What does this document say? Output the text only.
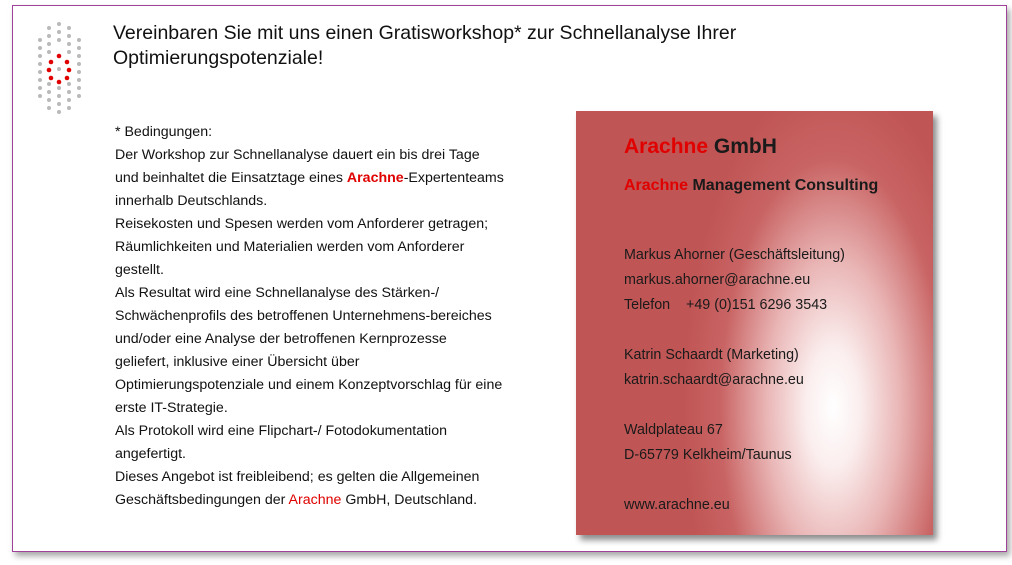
Vereinbaren Sie mit uns einen Gratisworkshop* zur Schnellanalyse Ihrer
Optimierungspotenziale!

* Bedingungen:

Der Workshop zur Schnellanalyse dauert ein bis drei Tage und beinhaltet die Einsatztage eines Arachne-Expertenteams innerhalb Deutschlands.

Reisekosten und Spesen werden vom Anforderer getragen; Räumlichkeiten und Materialien werden vom Anforderer gestellt.

Als Resultat wird eine Schnellanalyse des Stärken-/ Schwächenprofils des betroffenen Unternehmens-bereiches und/oder eine Analyse der betroffenen Kernprozesse geliefert, inklusive einer Übersicht über Optimierungspotenziale und einem Konzeptvorschlag für eine erste IT-Strategie.

Als Protokoll wird eine Flipchart-/ Fotodokumentation angefertigt.

Dieses Angebot ist freibleibend; es gelten die Allgemeinen Geschäftsbedingungen der Arachne GmbH, Deutschland.

Arachne GmbH
Arachne Management Consulting
Markus Ahorner (Geschäftsleitung)
markus.ahorner@arachne.eu
Telefon +49 (0)151 6296 3543
Katrin Schaardt (Marketing)
katrin.schaardt@arachne.eu
Waldplateau 67
D-65779 Kelkheim/Taunus
www.arachne.eu
